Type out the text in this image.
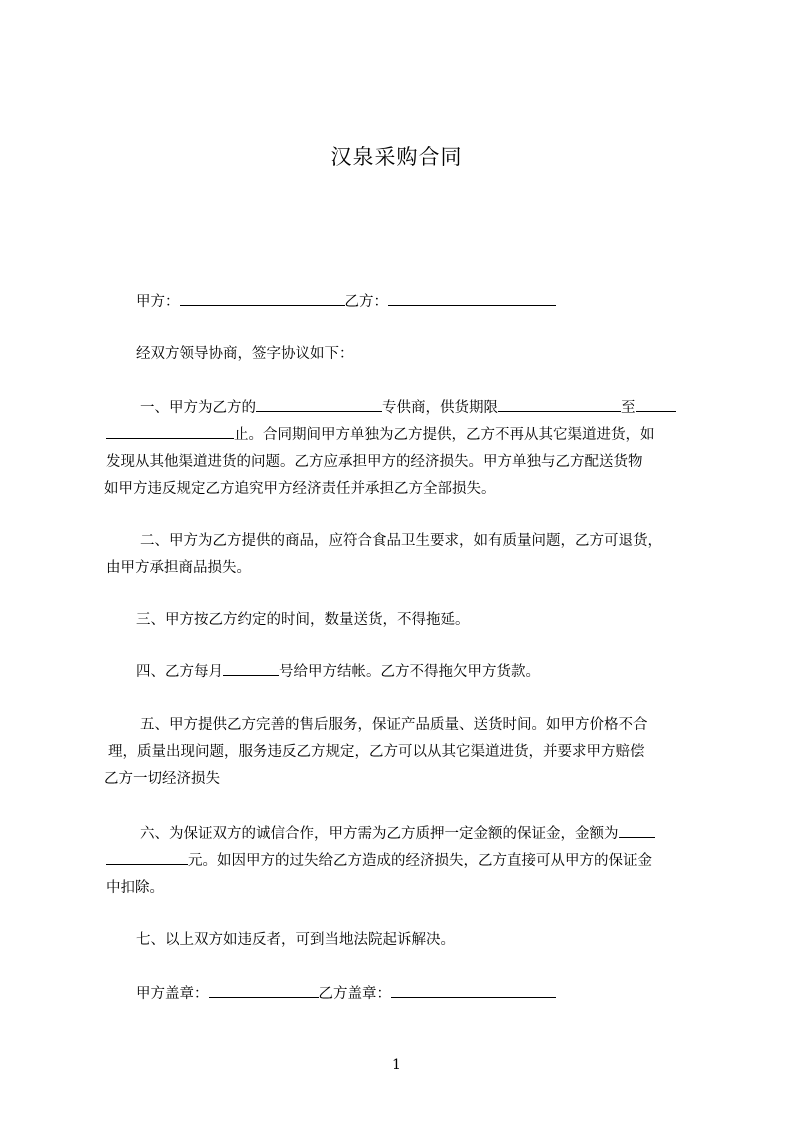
汉泉采购合同
甲方：	乙方：
经双方领导协商，签字协议如下：
一、甲方为乙方的	专供商，供货期限	至
止。合同期间甲方单独为乙方提供，乙方不再从其它渠道进货，如
发现从其他渠道进货的问题。乙方应承担甲方的经济损失。甲方单独与乙方配送货物
如甲方违反规定乙方追究甲方经济责任并承担乙方全部损失。
二、甲方为乙方提供的商品，应符合食品卫生要求，如有质量问题，乙方可退货，
由甲方承担商品损失。
三、甲方按乙方约定的时间，数量送货，不得拖延。
四、乙方每月	号给甲方结帐。乙方不得拖欠甲方货款。
五、甲方提供乙方完善的售后服务，保证产品质量、送货时间。如甲方价格不合
理，质量出现问题，服务违反乙方规定，乙方可以从其它渠道进货，并要求甲方赔偿
乙方一切经济损失
六、为保证双方的诚信合作，甲方需为乙方质押一定金额的保证金，金额为
元。如因甲方的过失给乙方造成的经济损失，乙方直接可从甲方的保证金
中扣除。
七、以上双方如违反者，可到当地法院起诉解决。
甲方盖章：	乙方盖章：
1
